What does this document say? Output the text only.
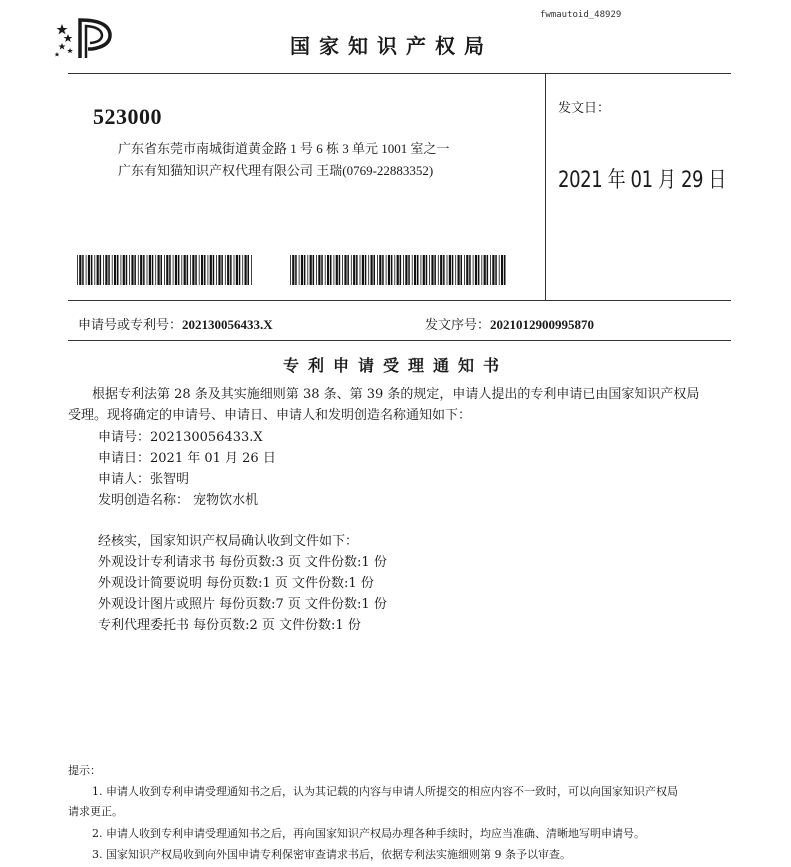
fwmautoid_48929
国家知识产权局
523000
广东省东莞市南城街道黄金路 1 号 6 栋 3 单元 1001 室之一
广东有知猫知识产权代理有限公司 王瑞(0769-22883352)
发文日：
2021 年 01 月 29 日
申请号或专利号：202130056433.X	发文序号：2021012900995870
专利申请受理通知书
根据专利法第 28 条及其实施细则第 38 条、第 39 条的规定，申请人提出的专利申请已由国家知识产权局
受理。现将确定的申请号、申请日、申请人和发明创造名称通知如下：
申请号：202130056433.X
申请日：2021 年 01 月 26 日
申请人：张智明
发明创造名称： 宠物饮水机
经核实，国家知识产权局确认收到文件如下：
外观设计专利请求书 每份页数:3 页 文件份数:1 份
外观设计简要说明 每份页数:1 页 文件份数:1 份
外观设计图片或照片 每份页数:7 页 文件份数:1 份
专利代理委托书 每份页数:2 页 文件份数:1 份
提示：
1. 申请人收到专利申请受理通知书之后，认为其记载的内容与申请人所提交的相应内容不一致时，可以向国家知识产权局
请求更正。
2. 申请人收到专利申请受理通知书之后，再向国家知识产权局办理各种手续时，均应当准确、清晰地写明申请号。
3. 国家知识产权局收到向外国申请专利保密审查请求书后，依据专利法实施细则第 9 条予以审查。
